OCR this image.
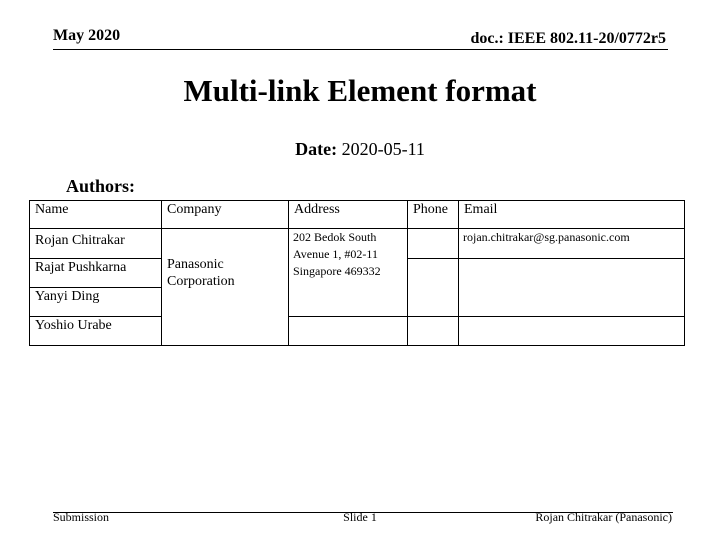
May 2020	doc.: IEEE 802.11-20/0772r5
Multi-link Element format
Date: 2020-05-11
Authors:
Name	Company	Address	Phone	Email
Rojan Chitrakar	Panasonic Corporation	202 Bedok South Avenue 1, #02-11 Singapore 469332		rojan.chitrakar@sg.panasonic.com
Rajat Pushkarna				
Yanyi Ding				
Yoshio Urabe				
Submission	Slide 1	Rojan Chitrakar (Panasonic)
